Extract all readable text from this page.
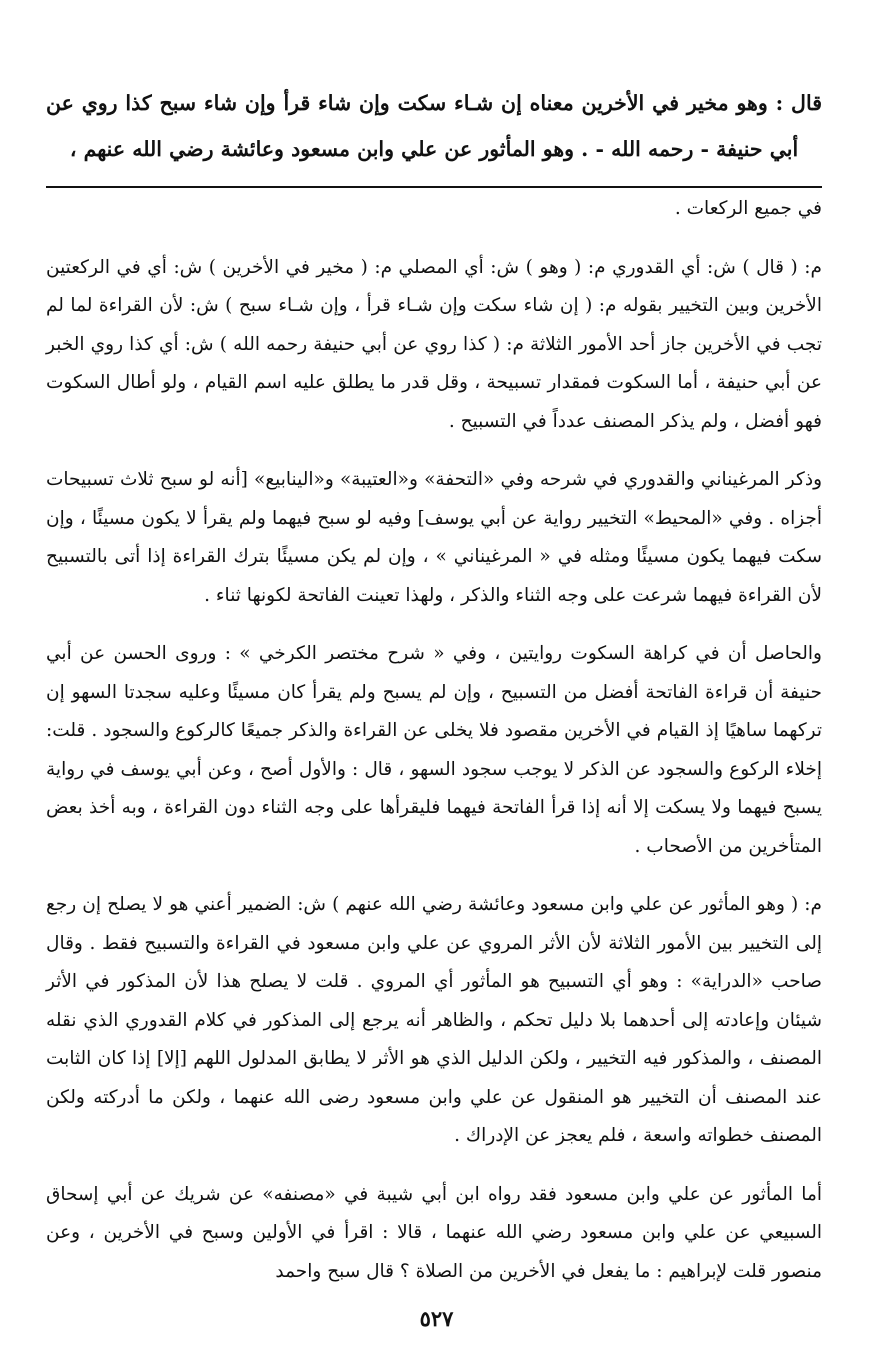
قال : وهو مخير في الأخرين معناه إن شـاء سكت وإن شاء قرأ وإن شاء سبح كذا روي عن أبي حنيفة - رحمه الله - . وهو المأثور عن علي وابن مسعود وعائشة رضي الله عنهم ،

في جميع الركعات .

م: ( قال ) ش: أي القدوري م: ( وهو ) ش: أي المصلي م: ( مخير في الأخرين ) ش: أي في الركعتين الأخرين وبين التخيير بقوله م: ( إن شاء سكت وإن شـاء قرأ ، وإن شـاء سبح ) ش: لأن القراءة لما لم تجب في الأخرين جاز أحد الأمور الثلاثة م: ( كذا روي عن أبي حنيفة رحمه الله ) ش: أي كذا روي الخبر عن أبي حنيفة ، أما السكوت فمقدار تسبيحة ، وقل قدر ما يطلق عليه اسم القيام ، ولو أطال السكوت فهو أفضل ، ولم يذكر المصنف عدداً في التسبيح .

وذكر المرغيناني والقدوري في شرحه وفي «التحفة» و«العتيبة» و«الينابيع» [أنه لو سبح ثلاث تسبيحات أجزاه . وفي «المحيط» التخيير رواية عن أبي يوسف] وفيه لو سبح فيهما ولم يقرأ لا يكون مسيئًا ، وإن سكت فيهما يكون مسيئًا ومثله في « المرغيناني » ، وإن لم يكن مسيئًا بترك القراءة إذا أتى بالتسبيح لأن القراءة فيهما شرعت على وجه الثناء والذكر ، ولهذا تعينت الفاتحة لكونها ثناء .

والحاصل أن في كراهة السكوت روايتين ، وفي « شرح مختصر الكرخي » : وروى الحسن عن أبي حنيفة أن قراءة الفاتحة أفضل من التسبيح ، وإن لم يسبح ولم يقرأ كان مسيئًا وعليه سجدتا السهو إن تركهما ساهيًا إذ القيام في الأخرين مقصود فلا يخلى عن القراءة والذكر جميعًا كالركوع والسجود . قلت: إخلاء الركوع والسجود عن الذكر لا يوجب سجود السهو ، قال : والأول أصح ، وعن أبي يوسف في رواية يسبح فيهما ولا يسكت إلا أنه إذا قرأ الفاتحة فيهما فليقرأها على وجه الثناء دون القراءة ، وبه أخذ بعض المتأخرين من الأصحاب .

م: ( وهو المأثور عن علي وابن مسعود وعائشة رضي الله عنهم ) ش: الضمير أعني هو لا يصلح إن رجع إلى التخيير بين الأمور الثلاثة لأن الأثر المروي عن علي وابن مسعود في القراءة والتسبيح فقط . وقال صاحب «الدراية» : وهو أي التسبيح هو المأثور أي المروي . قلت لا يصلح هذا لأن المذكور في الأثر شيئان وإعادته إلى أحدهما بلا دليل تحكم ، والظاهر أنه يرجع إلى المذكور في كلام القدوري الذي نقله المصنف ، والمذكور فيه التخيير ، ولكن الدليل الذي هو الأثر لا يطابق المدلول اللهم [إلا] إذا كان الثابت عند المصنف أن التخيير هو المنقول عن علي وابن مسعود رضى الله عنهما ، ولكن ما أدركته ولكن المصنف خطواته واسعة ، فلم يعجز عن الإدراك .

أما المأثور عن علي وابن مسعود فقد رواه ابن أبي شيبة في «مصنفه» عن شريك عن أبي إسحاق السبيعي عن علي وابن مسعود رضي الله عنهما ، قالا : اقرأ في الأولين وسبح في الأخرين ، وعن منصور قلت لإبراهيم : ما يفعل في الأخرين من الصلاة ؟ قال سبح واحمد

٥٢٧
